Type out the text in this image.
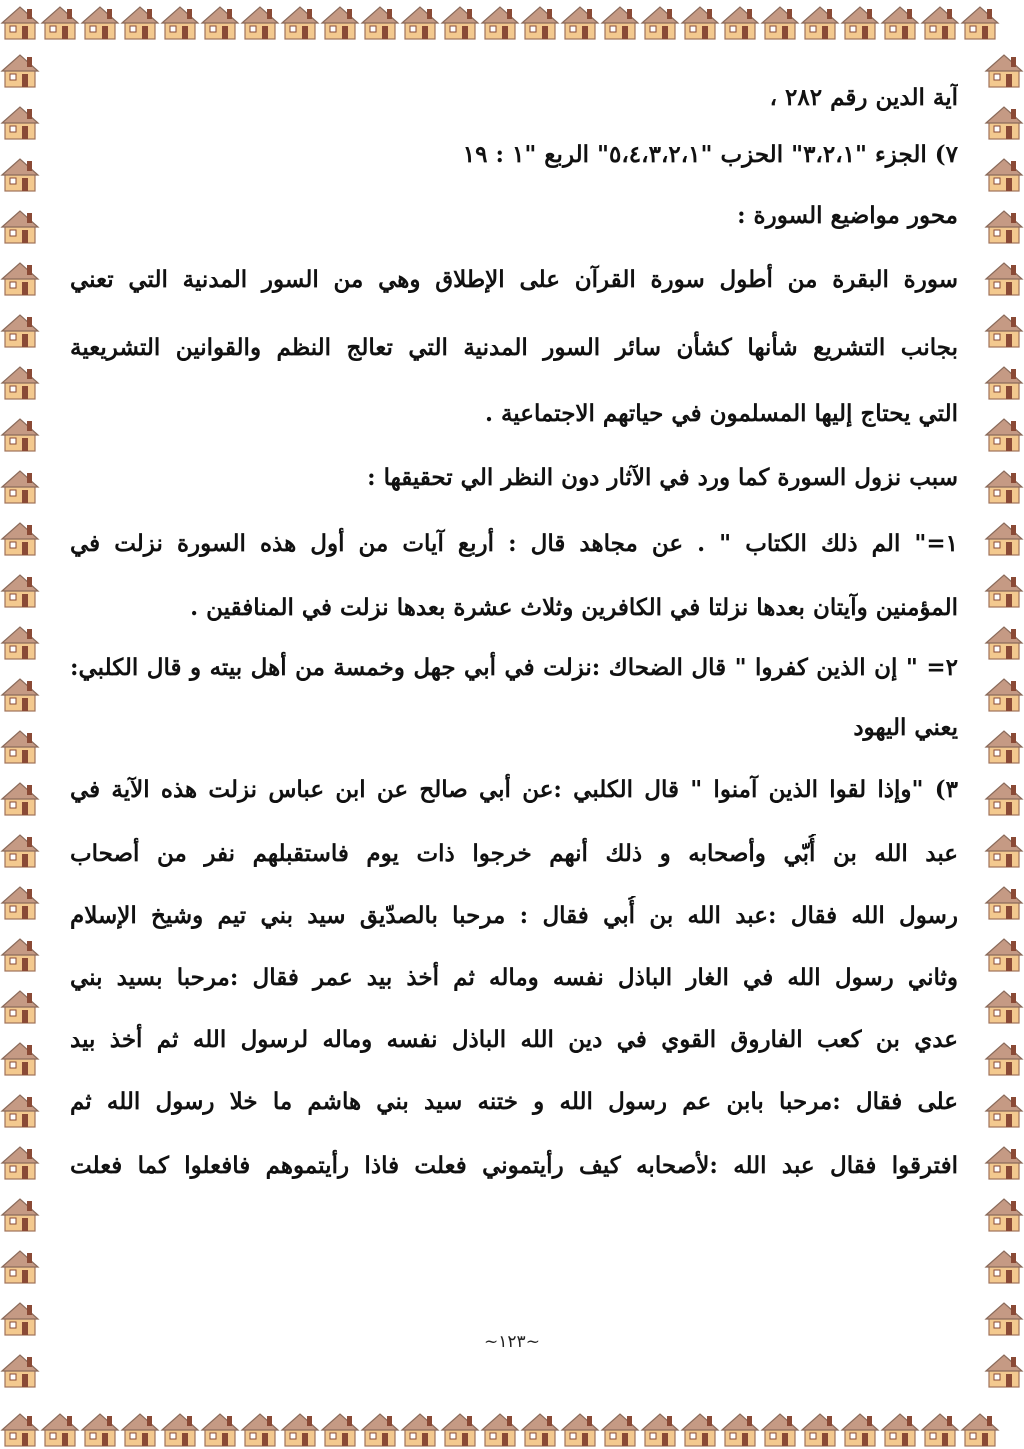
آية الدين رقم ٢٨٢ ،
٧) الجزء "٣،٢،١" الحزب "٥،٤،٣،٢،١" الربع "١ : ١٩
محور مواضيع السورة :
سورة البقرة من أطول سورة القرآن على الإطلاق وهي من السور المدنية التي تعني
بجانب التشريع شأنها كشأن سائر السور المدنية التي تعالج النظم والقوانين التشريعية
التي يحتاج إليها المسلمون في حياتهم الاجتماعية .
سبب نزول السورة كما ورد في الآثار دون النظر الي تحقيقها :
١=" الم ذلك الكتاب " . عن مجاهد قال : أربع آيات من أول هذه السورة نزلت في
المؤمنين وآيتان بعدها نزلتا في الكافرين وثلاث عشرة بعدها نزلت في المنافقين .
٢= " إن الذين كفروا " قال الضحاك :نزلت في أبي جهل وخمسة من أهل بيته و قال الكلبي:
يعني اليهود
٣) "وإذا لقوا الذين آمنوا " قال الكلبي :عن أبي صالح عن ابن عباس نزلت هذه الآية في
عبد الله بن أُبّي وأصحابه و ذلك أنهم خرجوا ذات يوم فاستقبلهم نفر من أصحاب
رسول الله فقال :عبد الله بن أُبي فقال : مرحبا بالصدّيق سيد بني تيم وشيخ الإسلام
وثاني رسول الله في الغار الباذل نفسه وماله ثم أخذ بيد عمر فقال :مرحبا بسيد بني
عدي بن كعب الفاروق القوي في دين الله الباذل نفسه وماله لرسول الله ثم أخذ بيد
على فقال :مرحبا بابن عم رسول الله و ختنه سيد بني هاشم ما خلا رسول الله ثم
افترقوا فقال عبد الله :لأصحابه كيف رأيتموني فعلت فاذا رأيتموهم فافعلوا كما فعلت
~١٢٣~
